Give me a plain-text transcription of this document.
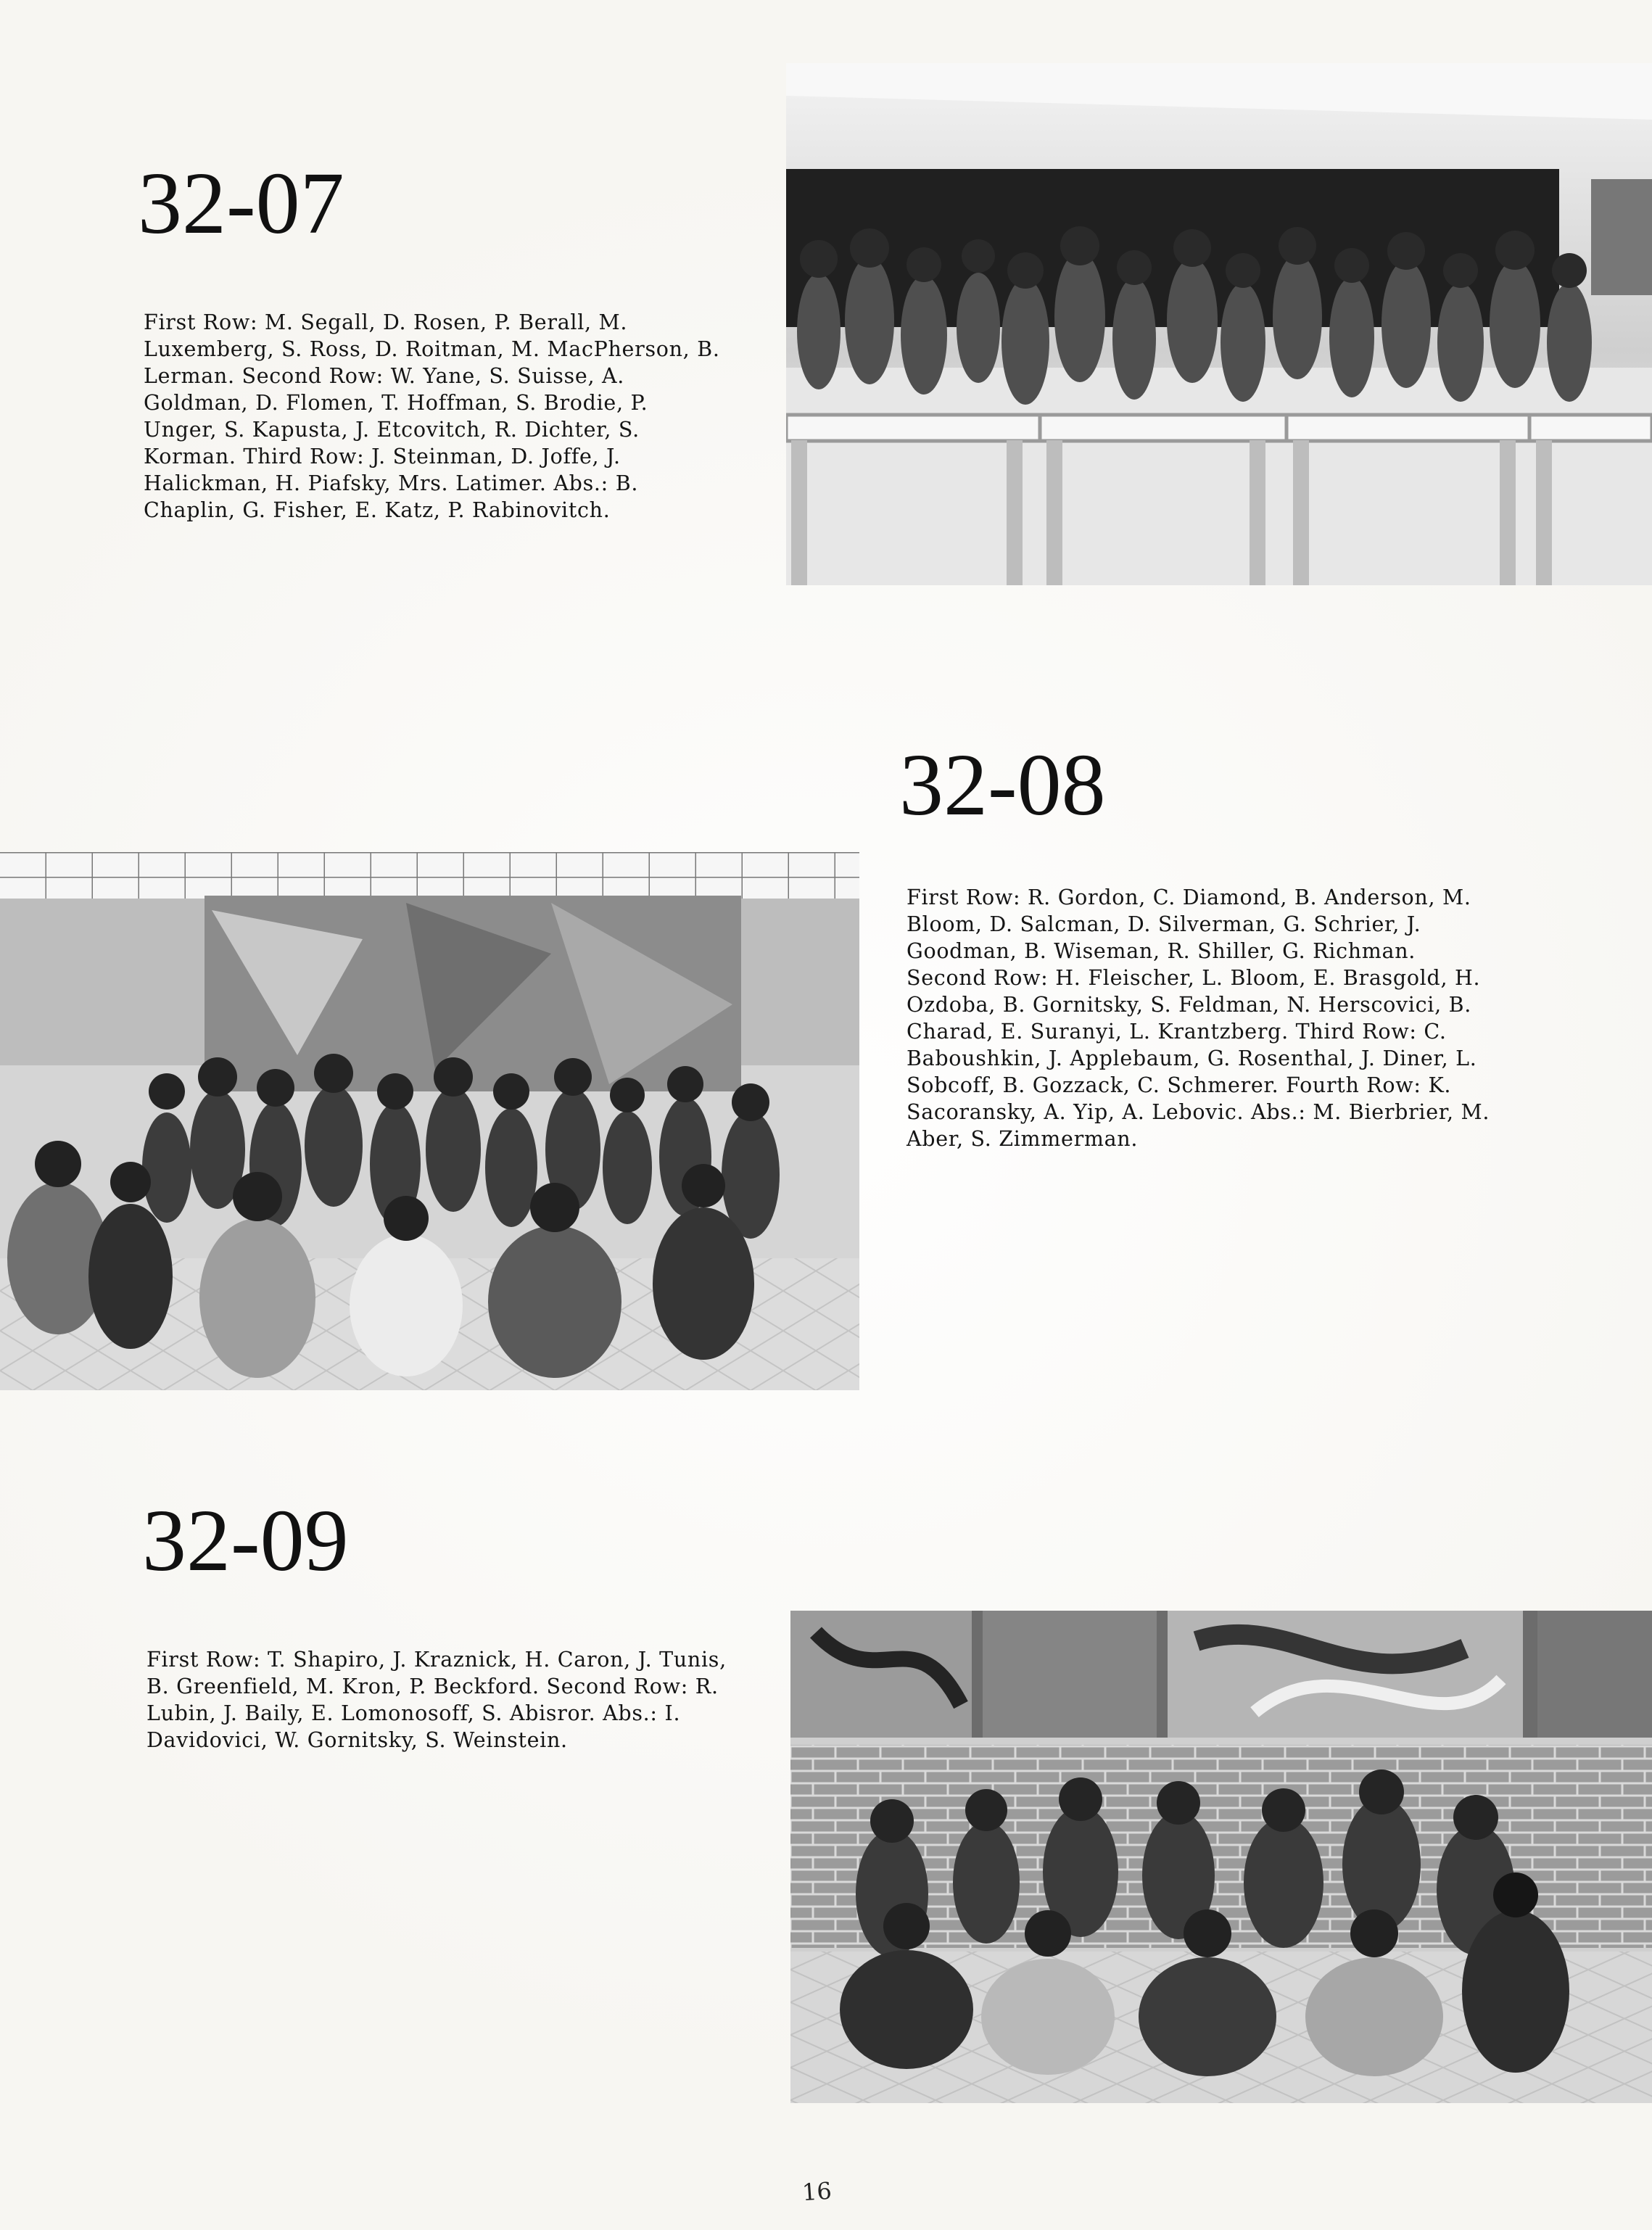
32-07

First Row: M. Segall, D. Rosen, P. Berall, M. Luxemberg, S. Ross, D. Roitman, M. MacPherson, B. Lerman. Second Row: W. Yane, S. Suisse, A. Goldman, D. Flomen, T. Hoffman, S. Brodie, P. Unger, S. Kapusta, J. Etcovitch, R. Dichter, S. Korman. Third Row: J. Steinman, D. Joffe, J. Halickman, H. Piafsky, Mrs. Latimer. Abs.: B. Chaplin, G. Fisher, E. Katz, P. Rabinovitch.

32-08

First Row: R. Gordon, C. Diamond, B. Anderson, M. Bloom, D. Salcman, D. Silverman, G. Schrier, J. Goodman, B. Wiseman, R. Shiller, G. Richman. Second Row: H. Fleischer, L. Bloom, E. Brasgold, H. Ozdoba, B. Gornitsky, S. Feldman, N. Herscovici, B. Charad, E. Suranyi, L. Krantzberg. Third Row: C. Baboushkin, J. Applebaum, G. Rosenthal, J. Diner, L. Sobcoff, B. Gozzack, C. Schmerer. Fourth Row: K. Sacoransky, A. Yip, A. Lebovic. Abs.: M. Bierbrier, M. Aber, S. Zimmerman.

32-09

First Row: T. Shapiro, J. Kraznick, H. Caron, J. Tunis, B. Greenfield, M. Kron, P. Beckford. Second Row: R. Lubin, J. Baily, E. Lomonosoff, S. Abisror. Abs.: I. Davidovici, W. Gornitsky, S. Weinstein.

16
